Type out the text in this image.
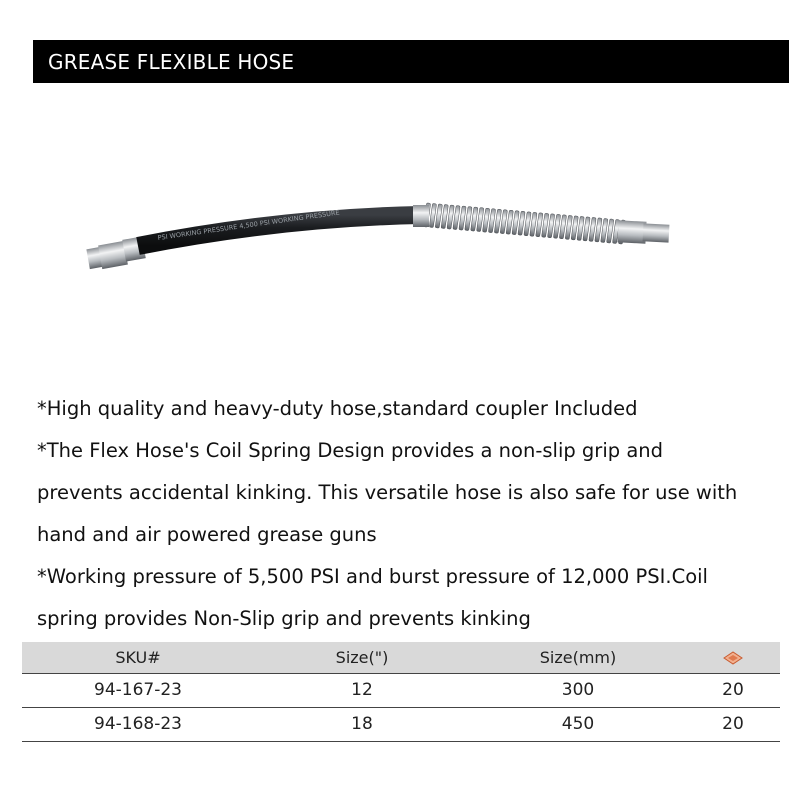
GREASE FLEXIBLE HOSE
PSI WORKING PRESSURE 4,500 PSI WORKING PRESSURE

*High quality and heavy-duty hose,standard coupler Included

*The Flex Hose's Coil Spring Design provides a non-slip grip and

prevents accidental kinking. This versatile hose is also safe for use with

hand and air powered grease guns

*Working pressure of 5,500 PSI and burst pressure of 12,000 PSI.Coil

spring provides Non-Slip grip and prevents kinking

SKU#	Size(")	Size(mm)	
94-167-23	12	300	20
94-168-23	18	450	20
